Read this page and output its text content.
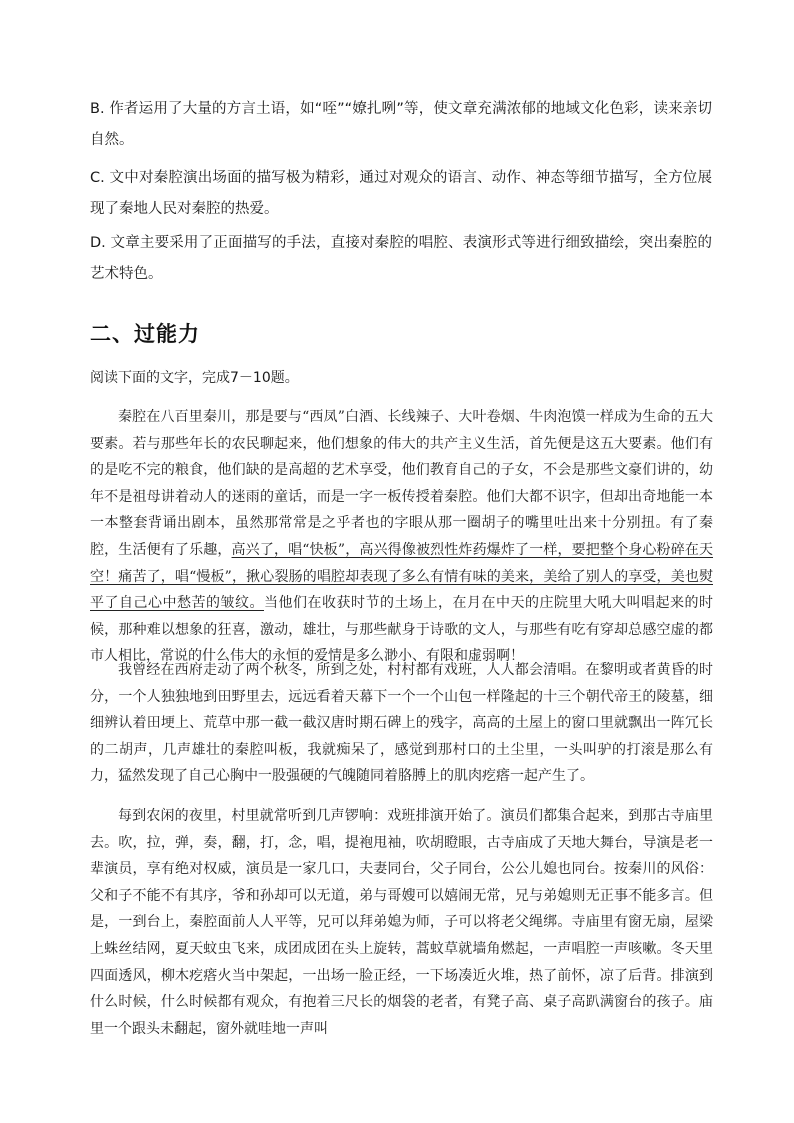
B. 作者运用了大量的方言土语，如“咥”“嫽扎咧”等，使文章充满浓郁的地域文化色彩，读来亲切自然。

C. 文中对秦腔演出场面的描写极为精彩，通过对观众的语言、动作、神态等细节描写，全方位展现了秦地人民对秦腔的热爱。

D. 文章主要采用了正面描写的手法，直接对秦腔的唱腔、表演形式等进行细致描绘，突出秦腔的艺术特色。

二、过能力

阅读下面的文字，完成7－10题。

秦腔在八百里秦川，那是要与“西凤”白酒、长线辣子、大叶卷烟、牛肉泡馍一样成为生命的五大要素。若与那些年长的农民聊起来，他们想象的伟大的共产主义生活，首先便是这五大要素。他们有的是吃不完的粮食，他们缺的是高超的艺术享受，他们教育自己的子女，不会是那些文豪们讲的，幼年不是祖母讲着动人的迷雨的童话，而是一字一板传授着秦腔。他们大都不识字，但却出奇地能一本一本整套背诵出剧本，虽然那常常是之乎者也的字眼从那一圈胡子的嘴里吐出来十分别扭。有了秦腔，生活便有了乐趣，高兴了，唱“快板”，高兴得像被烈性炸药爆炸了一样，要把整个身心粉碎在天空！痛苦了，唱“慢板”，揪心裂肠的唱腔却表现了多么有情有味的美来，美给了别人的享受，美也熨平了自己心中愁苦的皱纹。当他们在收获时节的土场上，在月在中天的庄院里大吼大叫唱起来的时候，那种难以想象的狂喜，激动，雄壮，与那些献身于诗歌的文人，与那些有吃有穿却总感空虚的都市人相比，常说的什么伟大的永恒的爱情是多么渺小、有限和虚弱啊！

我曾经在西府走动了两个秋冬，所到之处，村村都有戏班，人人都会清唱。在黎明或者黄昏的时分，一个人独独地到田野里去，远远看着天幕下一个一个山包一样隆起的十三个朝代帝王的陵墓，细细辨认着田埂上、荒草中那一截一截汉唐时期石碑上的残字，高高的土屋上的窗口里就飘出一阵冗长的二胡声，几声雄壮的秦腔叫板，我就痴呆了，感觉到那村口的土尘里，一头叫驴的打滚是那么有力，猛然发现了自己心胸中一股强硬的气魄随同着胳膊上的肌肉疙瘩一起产生了。

每到农闲的夜里，村里就常听到几声锣响：戏班排演开始了。演员们都集合起来，到那古寺庙里去。吹，拉，弹，奏，翻，打，念，唱，提袍甩袖，吹胡瞪眼，古寺庙成了天地大舞台，导演是老一辈演员，享有绝对权威，演员是一家几口，夫妻同台，父子同台，公公儿媳也同台。按秦川的风俗：父和子不能不有其序，爷和孙却可以无道，弟与哥嫂可以嬉闹无常，兄与弟媳则无正事不能多言。但是，一到台上，秦腔面前人人平等，兄可以拜弟媳为师，子可以将老父绳绑。寺庙里有窗无扇，屋梁上蛛丝结网，夏天蚊虫飞来，成团成团在头上旋转，蒿蚊草就墙角燃起，一声唱腔一声咳嗽。冬天里四面透风，柳木疙瘩火当中架起，一出场一脸正经，一下场凑近火堆，热了前怀，凉了后背。排演到什么时候，什么时候都有观众，有抱着三尺长的烟袋的老者，有凳子高、桌子高趴满窗台的孩子。庙里一个跟头未翻起，窗外就哇地一声叫
